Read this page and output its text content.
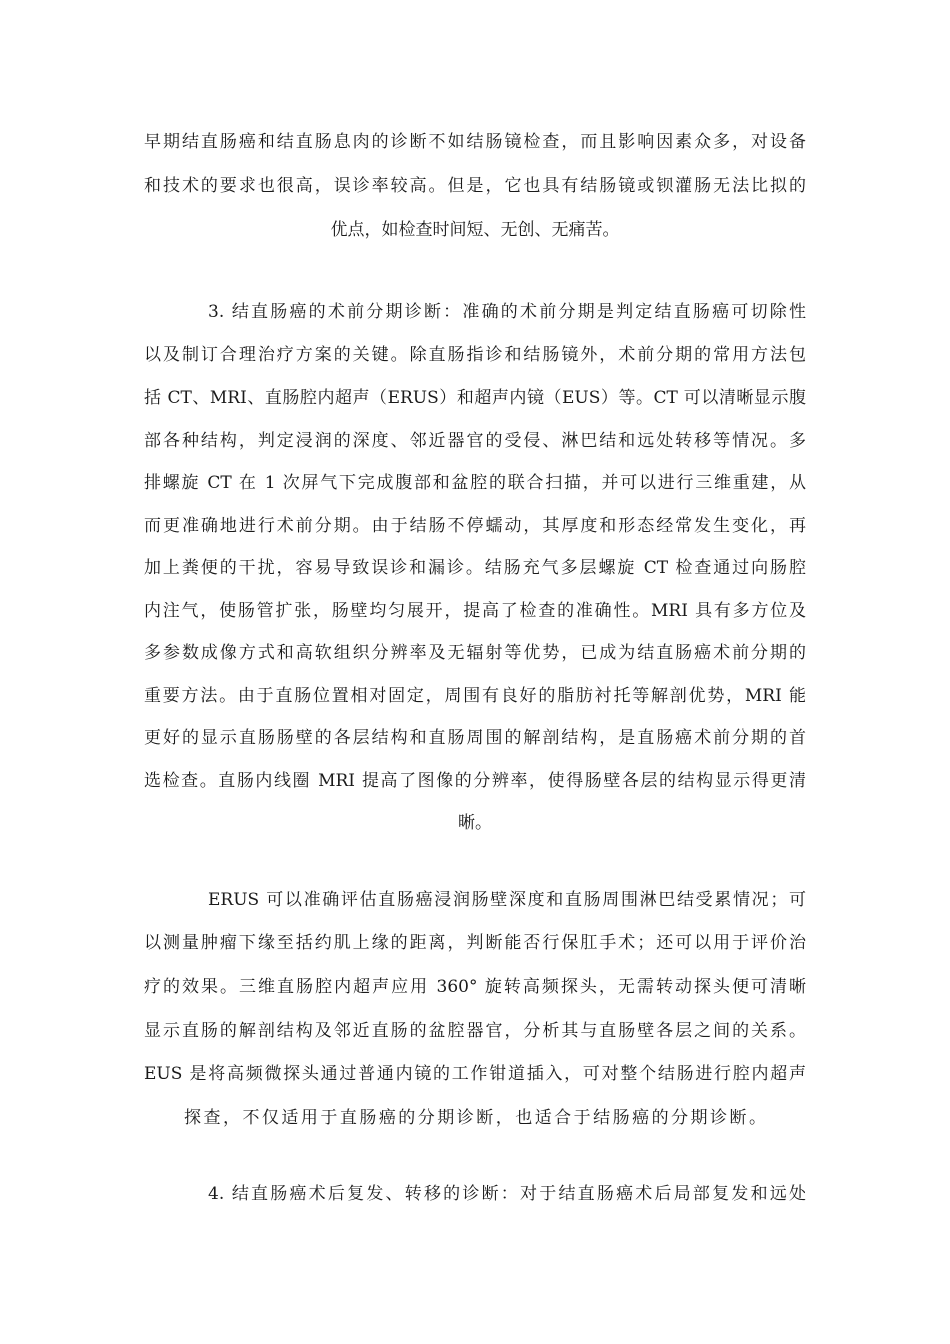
早期结直肠癌和结直肠息肉的诊断不如结肠镜检查，而且影响因素众多，对设备
和技术的要求也很高，误诊率较高。但是，它也具有结肠镜或钡灌肠无法比拟的
优点，如检查时间短、无创、无痛苦。
3. 结直肠癌的术前分期诊断：准确的术前分期是判定结直肠癌可切除性
以及制订合理治疗方案的关键。除直肠指诊和结肠镜外，术前分期的常用方法包
括 CT、MRI、直肠腔内超声（ERUS）和超声内镜（EUS）等。CT 可以清晰显示腹
部各种结构，判定浸润的深度、邻近器官的受侵、淋巴结和远处转移等情况。多
排螺旋 CT 在 1 次屏气下完成腹部和盆腔的联合扫描，并可以进行三维重建，从
而更准确地进行术前分期。由于结肠不停蠕动，其厚度和形态经常发生变化，再
加上粪便的干扰，容易导致误诊和漏诊。结肠充气多层螺旋 CT 检查通过向肠腔
内注气，使肠管扩张，肠壁均匀展开，提高了检查的准确性。MRI 具有多方位及
多参数成像方式和高软组织分辨率及无辐射等优势，已成为结直肠癌术前分期的
重要方法。由于直肠位置相对固定，周围有良好的脂肪衬托等解剖优势，MRI 能
更好的显示直肠肠壁的各层结构和直肠周围的解剖结构，是直肠癌术前分期的首
选检查。直肠内线圈 MRI 提高了图像的分辨率，使得肠壁各层的结构显示得更清
晰。
ERUS 可以准确评估直肠癌浸润肠壁深度和直肠周围淋巴结受累情况；可
以测量肿瘤下缘至括约肌上缘的距离，判断能否行保肛手术；还可以用于评价治
疗的效果。三维直肠腔内超声应用 360° 旋转高频探头，无需转动探头便可清晰
显示直肠的解剖结构及邻近直肠的盆腔器官，分析其与直肠壁各层之间的关系。
EUS 是将高频微探头通过普通内镜的工作钳道插入，可对整个结肠进行腔内超声
探查，不仅适用于直肠癌的分期诊断，也适合于结肠癌的分期诊断。
4. 结直肠癌术后复发、转移的诊断：对于结直肠癌术后局部复发和远处
